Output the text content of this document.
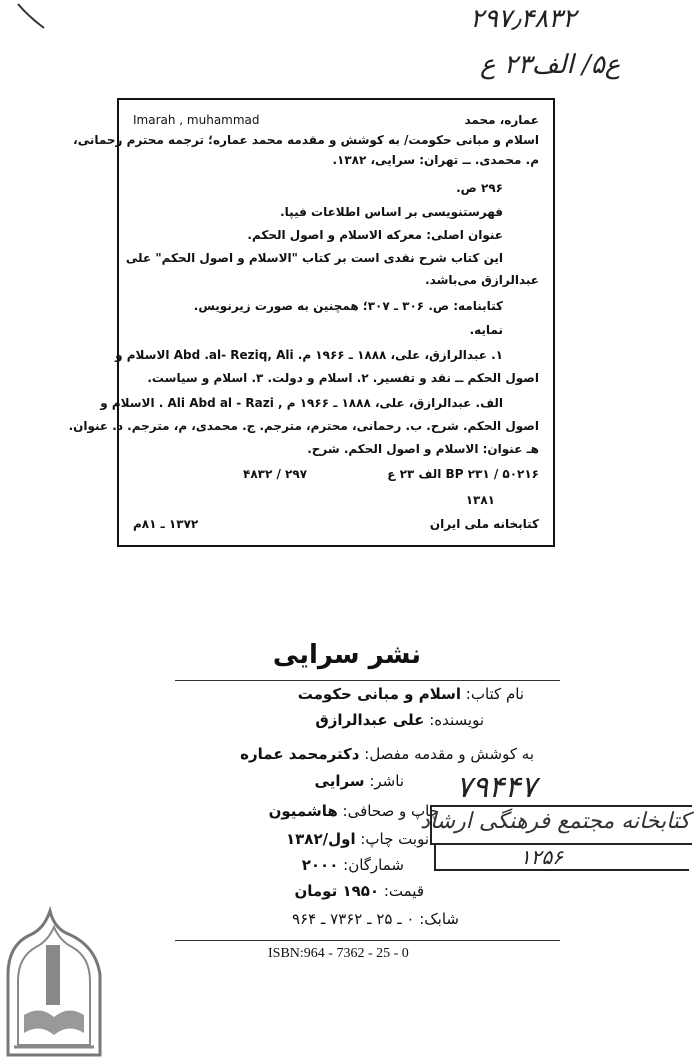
۲۹۷٫۴۸۳۲
ع۵/ الف۲۳ ع
عماره، محمد
Imarah , muhammad
اسلام و مبانی حکومت/ به کوشش و مقدمه محمد عماره؛ ترجمه محترم رحمانی،
م. محمدی. ــ تهران: سرایی، ۱۳۸۲.
۲۹۶ ص.
فهرستنویسی بر اساس اطلاعات فیپا.
عنوان اصلی: معرکه الاسلام و اصول الحکم.
این کتاب شرح نقدی است بر کتاب "الاسلام و اصول الحکم" علی
عبدالرازق می‌باشد.
کتابنامه: ص. ۳۰۶ ـ ۳۰۷؛ همچنین به صورت زیرنویس.
نمایه.
۱. عبدالرازق، علی، ۱۸۸۸ ـ ۱۹۶۶ م. Abd .al- Reziq, Ali الاسلام و
اصول الحکم ــ نقد و تفسیر. ۲. اسلام و دولت. ۳. اسلام و سیاست.
الف. عبدالرازق، علی، ۱۸۸۸ ـ ۱۹۶۶ م , Ali Abd al - Razi . الاسلام و
اصول الحکم. شرح. ب. رحمانی، محترم، مترجم. ج. محمدی، م، مترجم. د. عنوان.
هـ عنوان: الاسلام و اصول الحکم. شرح.
BP ۲۳۱ / ۵۰۲۱۶ الف ۲۳ ع
۲۹۷ / ۴۸۳۲
۱۳۸۱
کتابخانه ملی ایران
۱۳۷۲ ـ ۸۱م
نشر سرایی
نام کتاب: اسلام و مبانی حکومت
نویسنده: علی عبدالرازق
به کوشش و مقدمه مفصل: دکترمحمد عماره
ناشر: سرایی
چاپ و صحافی: هاشمیون
نوبت چاپ: اول/۱۳۸۲
شمارگان: ۲۰۰۰
قیمت: ۱۹۵۰ تومان
شابک: ۰ ـ ۲۵ ـ ۷۳۶۲ ـ ۹۶۴
ISBN:964 - 7362 - 25 - 0
۷۹۴۴۷
کتابخانه مجتمع فرهنگی ارشاد
۱۲۵۶
